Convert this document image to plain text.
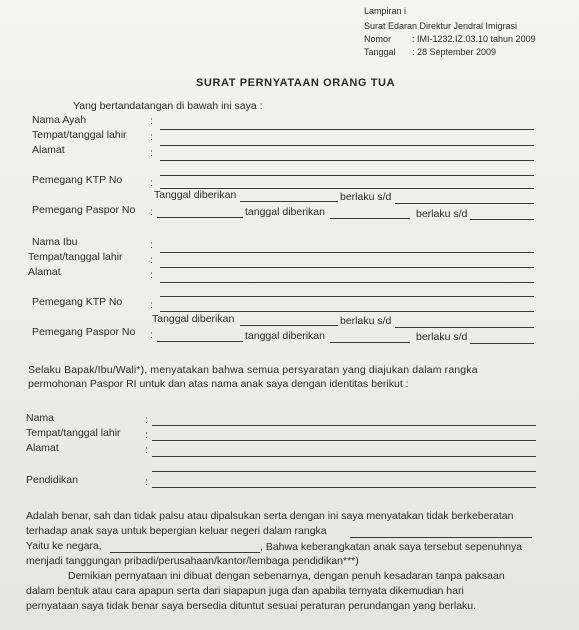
Lampiran i
Surat Edaran Direktur Jendral Imigrasi
Nomor : IMI-1232.IZ.03.10 tahun 2009
Tanggal : 28 September 2009
SURAT PERNYATAAN ORANG TUA
Yang bertandatangan di bawah ini saya :
Nama Ayah	:
Tempat/tanggal lahir :
Alamat	:
Pemegang KTP No	:
Tanggal diberikan	berlaku s/d
Pemegang Paspor No :	tanggal diberikan	berlaku s/d
Nama Ibu	:
Tempat/tanggal lahir	:
Alamat	:
Pemegang KTP No	:
Tanggal diberikan	berlaku s/d
Pemegang Paspor No :	tanggal diberikan	berlaku s/d
Selaku Bapak/Ibu/Wali*), menyatakan bahwa semua persyaratan yang diajukan dalam rangka
permohonan Paspor RI untuk dan atas nama anak saya dengan identitas berikut :
Nama	:
Tempat/tanggal lahir :
Alamat	:
Pendidikan	:
Adalah benar, sah dan tidak palsu atau dipalsukan serta dengan ini saya menyatakan tidak berkeberatan
terhadap anak saya untuk bepergian keluar negeri dalam rangka
Yaitu ke negara,	, Bahwa keberangkatan anak saya tersebut sepenuhnya
menjadi tanggungan pribadi/perusahaan/kantor/lembaga pendidikan***)
Demikian pernyataan ini dibuat dengan sebenarnya, dengan penuh kesadaran tanpa paksaan
dalam bentuk atau cara apapun serta dari siapapun juga dan apabila ternyata dikemudian hari
pernyataan saya tidak benar saya bersedia dituntut sesuai peraturan perundangan yang berlaku.
